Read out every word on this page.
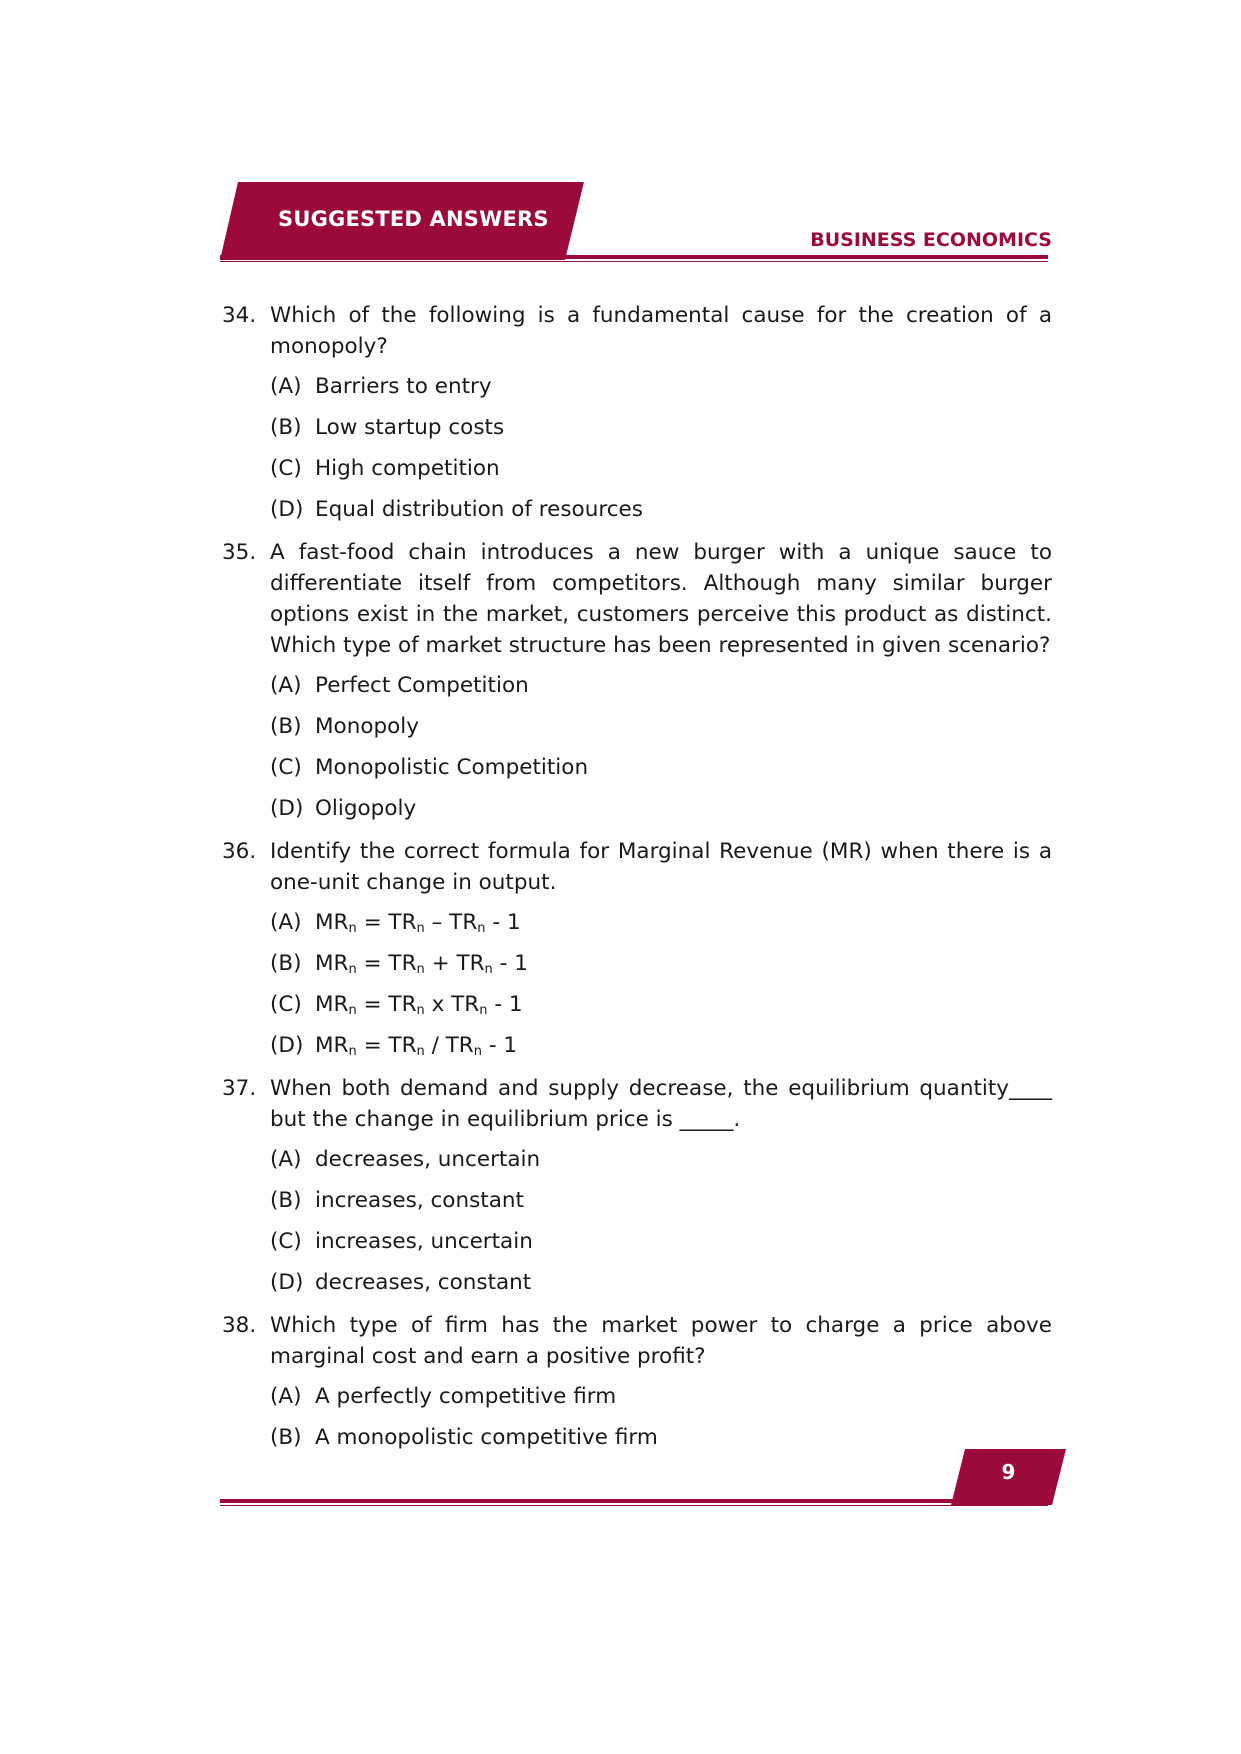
SUGGESTED ANSWERS
BUSINESS ECONOMICS
34. Which of the following is a fundamental cause for the creation of a monopoly?
(A) Barriers to entry
(B) Low startup costs
(C) High competition
(D) Equal distribution of resources
35. A fast-food chain introduces a new burger with a unique sauce to differentiate itself from competitors. Although many similar burger options exist in the market, customers perceive this product as distinct. Which type of market structure has been represented in given scenario?
(A) Perfect Competition
(B) Monopoly
(C) Monopolistic Competition
(D) Oligopoly
36. Identify the correct formula for Marginal Revenue (MR) when there is a one-unit change in output.
(A) $MR_n = TR_n - TR_n - 1$
(B) $MR_n = TR_n + TR_n - 1$
(C) $MR_n = TR_n$ x $TR_n - 1$
(D) $MR_n = TR_n / TR_n - 1$
37. When both demand and supply decrease, the equilibrium quantity____ but the change in equilibrium price is _____.
(A) decreases, uncertain
(B) increases, constant
(C) increases, uncertain
(D) decreases, constant
38. Which type of firm has the market power to charge a price above marginal cost and earn a positive profit?
(A) A perfectly competitive firm
(B) A monopolistic competitive firm
9
